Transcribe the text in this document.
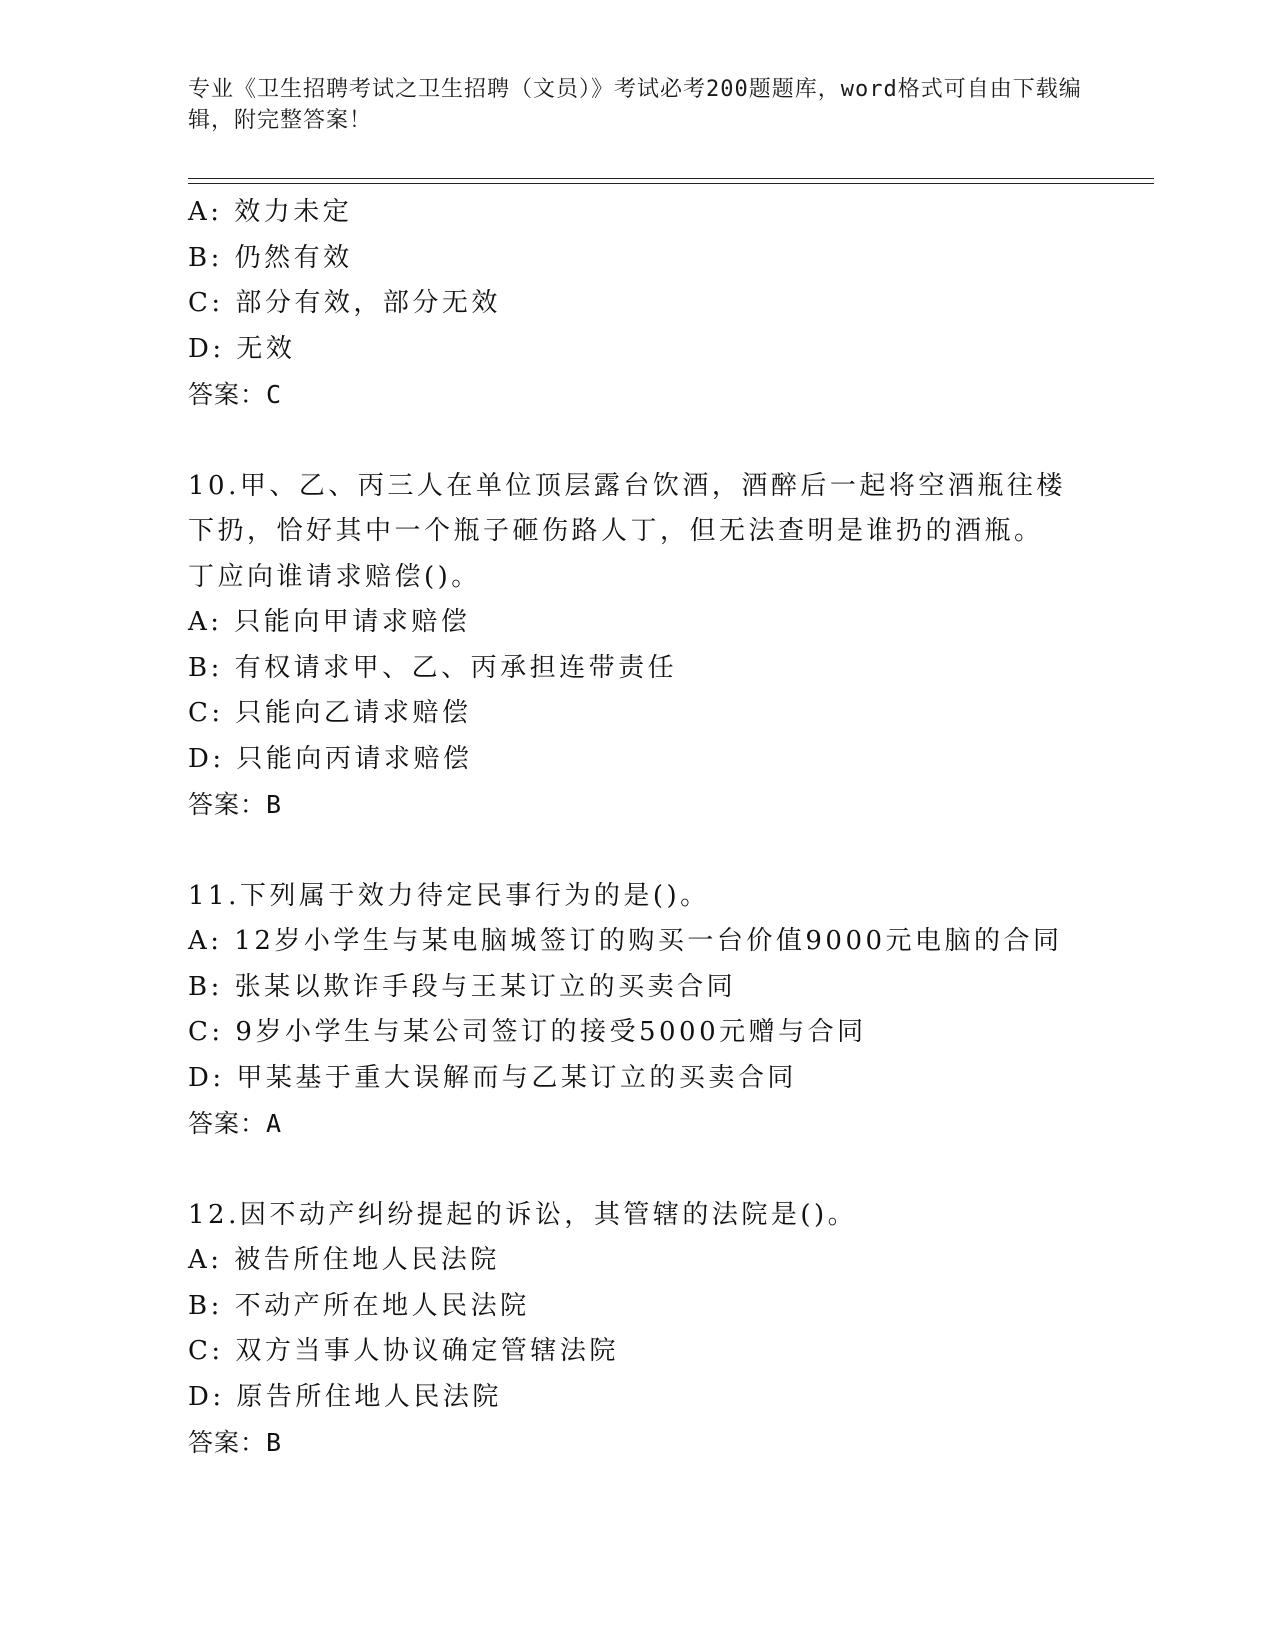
专业《卫生招聘考试之卫生招聘（文员）》考试必考200题题库，word格式可自由下载编辑，附完整答案！
A: 效力未定
B: 仍然有效
C: 部分有效，部分无效
D: 无效
答案：C
10.甲、乙、丙三人在单位顶层露台饮酒，酒醉后一起将空酒瓶往楼下扔，恰好其中一个瓶子砸伤路人丁，但无法查明是谁扔的酒瓶。丁应向谁请求赔偿()。
A: 只能向甲请求赔偿
B: 有权请求甲、乙、丙承担连带责任
C: 只能向乙请求赔偿
D: 只能向丙请求赔偿
答案：B
11.下列属于效力待定民事行为的是()。
A: 12岁小学生与某电脑城签订的购买一台价值9000元电脑的合同
B: 张某以欺诈手段与王某订立的买卖合同
C: 9岁小学生与某公司签订的接受5000元赠与合同
D: 甲某基于重大误解而与乙某订立的买卖合同
答案：A
12.因不动产纠纷提起的诉讼，其管辖的法院是()。
A: 被告所住地人民法院
B: 不动产所在地人民法院
C: 双方当事人协议确定管辖法院
D: 原告所住地人民法院
答案：B
